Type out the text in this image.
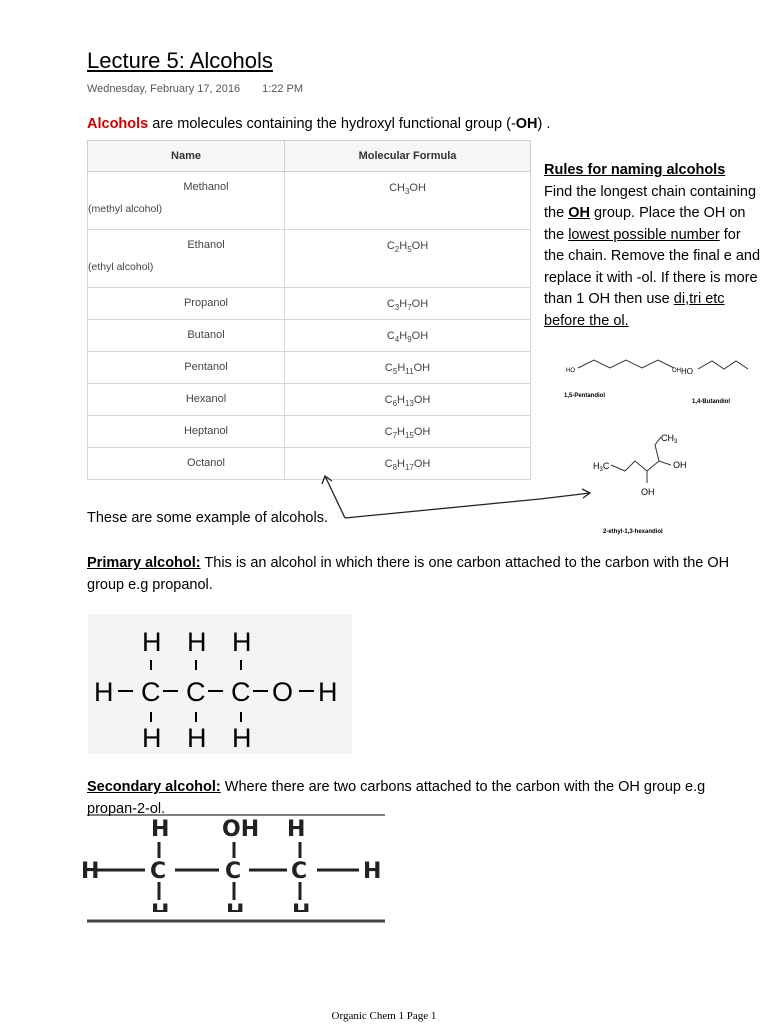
Lecture 5: Alcohols
Wednesday, February 17, 2016 1:22 PM
Alcohols are molecules containing the hydroxyl functional group (-OH) .
Name	Molecular Formula

Methanol
(methyl alcohol)	$CH_3OH$

Ethanol
(ethyl alcohol)	$C_2H_5OH$

Propanol	$C_3H_7OH$

Butanol	$C_4H_9OH$

Pentanol	$C_5H_{11}OH$

Hexanol	$C_6H_{13}OH$

Heptanol	$C_7H_{15}OH$

Octanol	$C_8H_{17}OH$
Rules for naming alcohols
Find the longest chain containing the OH group. Place the OH on the lowest possible number for the chain. Remove the final e and replace it with -ol. If there is more than 1 OH then use di,tri etc before the ol.
HO	OH
1,5-Pentandiol
HO
1,4-Butandiol
$H_3C$
$CH_3$
OH
OH
2-ethyl-1,3-hexandiol
These are some example of alcohols.
Primary alcohol: This is an alcohol in which there is one carbon attached to the carbon with the OH group e.g propanol.
H H H
H C C C O H
H H H
Secondary alcohol: Where there are two carbons attached to the carbon with the OH group e.g propan-2-ol.
H OH H
H C	C C	H
Organic Chem 1 Page 1
